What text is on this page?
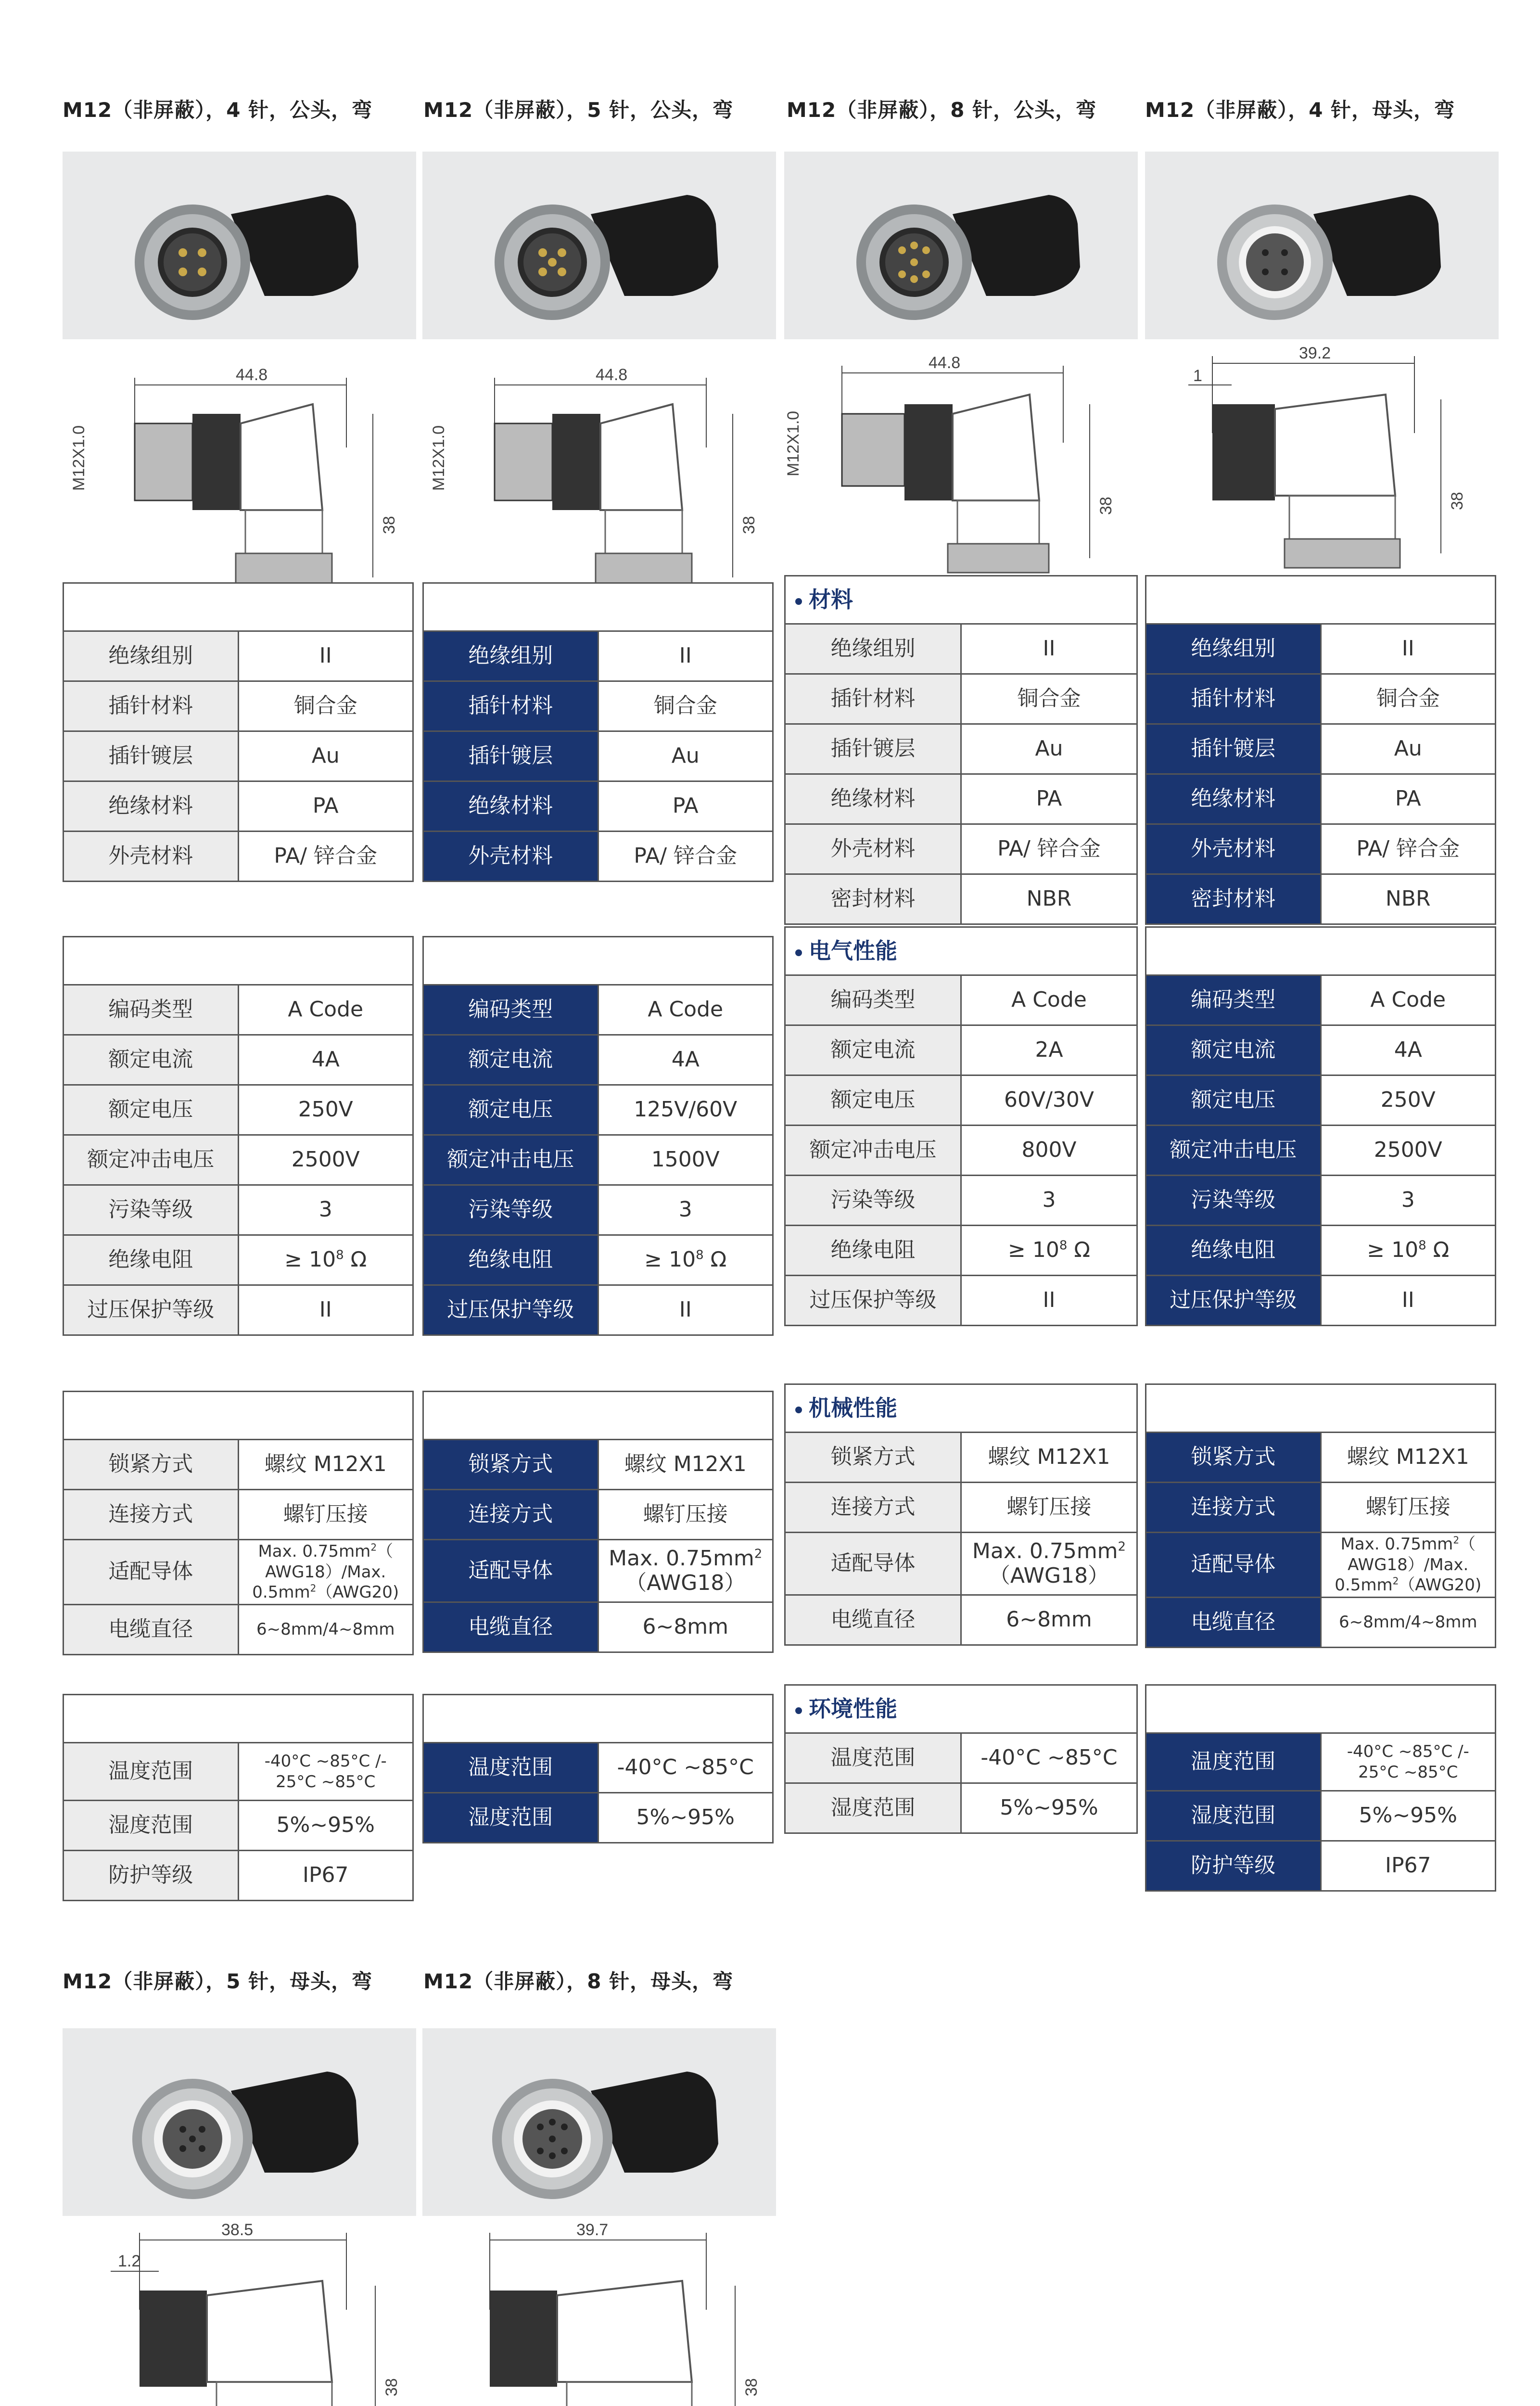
M12（非屏蔽），4 针，公头，弯	M12（非屏蔽），5 针，公头，弯	M12（非屏蔽），8 针，公头，弯 M12（非屏蔽），4 针，母头，弯
M12（非屏蔽），5 针，母头，弯	M12（非屏蔽），8 针，母头，弯
44.8
M12X1.0
38
44.8
M12X1.0
38
44.8
M12X1.0
38
39.2
1
38
38.5
1.2
38
39.7
38

绝缘组别	II
插针材料	铜合金
插针镀层	Au
绝缘材料	PA
外壳材料	PA/ 锌合金

编码类型	A Code
额定电流	4A
额定电压	250V
额定冲击电压	2500V
污染等级	3
绝缘电阻	≥ $10^8$ Ω
过压保护等级	II

锁紧方式	螺纹 M12X1
连接方式	螺钉压接
适配导体	Max. $0.75mm^2$（
AWG18）/Max.
$0.5mm^2(AWG20)$
电缆直径	6~8mm/4~8mm

温度范围	-40°C ~85°C /-
25°C ~85°C
湿度范围	5%~95%
防护等级	IP67

绝缘组别	II
插针材料	铜合金
插针镀层	Au
绝缘材料	PA
外壳材料	PA/ 锌合金

编码类型	A Code
额定电流	4A
额定电压	125V/60V
额定冲击电压	1500V
污染等级	3
绝缘电阻	≥ $10^8$ Ω
过压保护等级	II

锁紧方式	螺纹 M12X1
连接方式	螺钉压接
适配导体	Max. $0.75mm^2$
（AWG18）
电缆直径	6~8mm

温度范围	-40°C ~85°C
湿度范围	5%~95%
材料	
绝缘组别	II
插针材料	铜合金
插针镀层	Au
绝缘材料	PA
外壳材料	PA/ 锌合金
密封材料	NBR
电气性能	
编码类型	A Code
额定电流	2A
额定电压	60V/30V
额定冲击电压	800V
污染等级	3
绝缘电阻	≥ $10^8$ Ω
过压保护等级	II
机械性能	
锁紧方式	螺纹 M12X1
连接方式	螺钉压接
适配导体	Max. $0.75mm^2$
（AWG18）
电缆直径	6~8mm
环境性能	
温度范围	-40°C ~85°C
湿度范围	5%~95%

绝缘组别	II
插针材料	铜合金
插针镀层	Au
绝缘材料	PA
外壳材料	PA/ 锌合金
密封材料	NBR

编码类型	A Code
额定电流	4A
额定电压	250V
额定冲击电压	2500V
污染等级	3
绝缘电阻	≥ $10^8$ Ω
过压保护等级	II

锁紧方式	螺纹 M12X1
连接方式	螺钉压接
适配导体	Max. $0.75mm^2$（
AWG18）/Max.
$0.5mm^2(AWG20)$
电缆直径	6~8mm/4~8mm

温度范围	-40°C ~85°C /-
25°C ~85°C
湿度范围	5%~95%
防护等级	IP67
